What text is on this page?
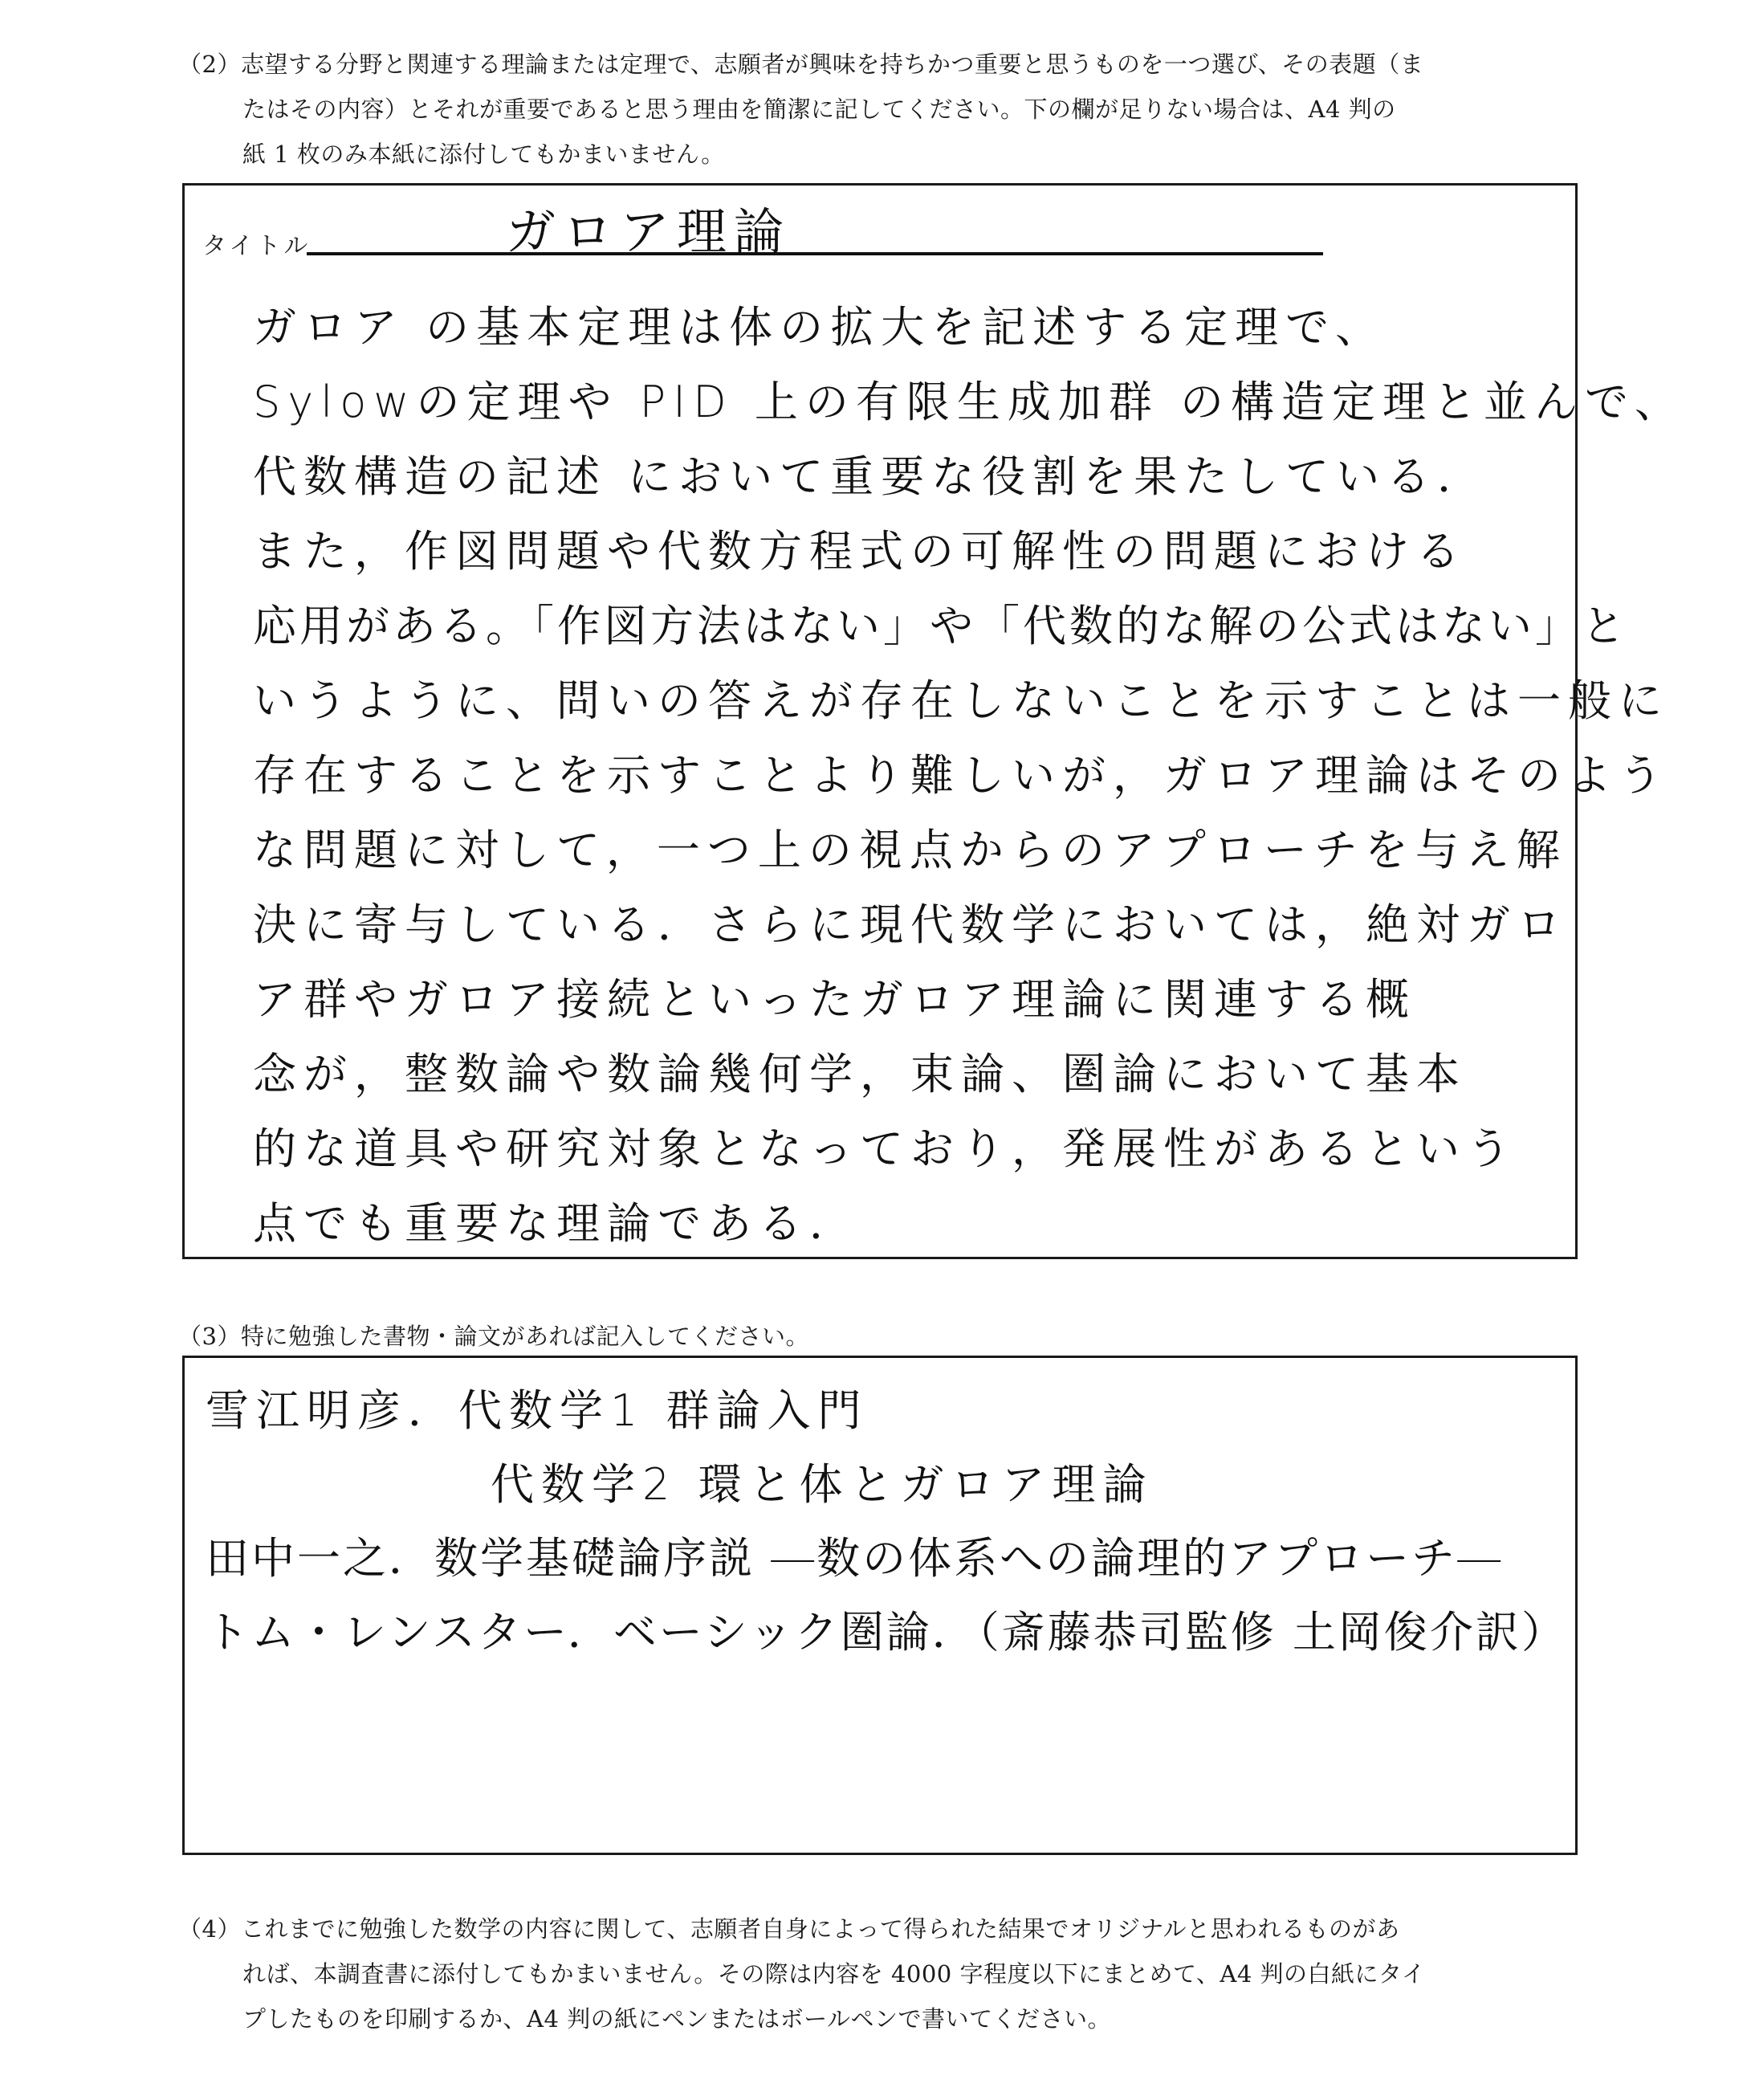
（2）志望する分野と関連する理論または定理で、志願者が興味を持ちかつ重要と思うものを一つ選び、その表題（ま
たはその内容）とそれが重要であると思う理由を簡潔に記してください。下の欄が足りない場合は、A4 判の
紙 1 枚のみ本紙に添付してもかまいません。
タイトル	ガロア理論
ガロア の基本定理は体の拡大を記述する定理で、
Sylowの定理や PID 上の有限生成加群 の構造定理と並んで、
代数構造の記述 において重要な役割を果たしている．
また，作図問題や代数方程式の可解性の問題における
応用がある。「作図方法はない」や「代数的な解の公式はない」と
いうように、問いの答えが存在しないことを示すことは一般に
存在することを示すことより難しいが，ガロア理論はそのよう
な問題に対して，一つ上の視点からのアプローチを与え解
決に寄与している．さらに現代数学においては，絶対ガロ
ア群やガロア接続といったガロア理論に関連する概
念が，整数論や数論幾何学，束論、圏論において基本
的な道具や研究対象となっており，発展性があるという
点でも重要な理論である．
（3）特に勉強した書物・論文があれば記入してください。
雪江明彦．代数学1 群論入門
代数学2 環と体とガロア理論
田中一之．数学基礎論序説 ―数の体系への論理的アプローチ―
トム・レンスター．ベーシック圏論．（斎藤恭司監修 土岡俊介訳）
（4）これまでに勉強した数学の内容に関して、志願者自身によって得られた結果でオリジナルと思われるものがあ
れば、本調査書に添付してもかまいません。その際は内容を 4000 字程度以下にまとめて、A4 判の白紙にタイ
プしたものを印刷するか、A4 判の紙にペンまたはボールペンで書いてください。
